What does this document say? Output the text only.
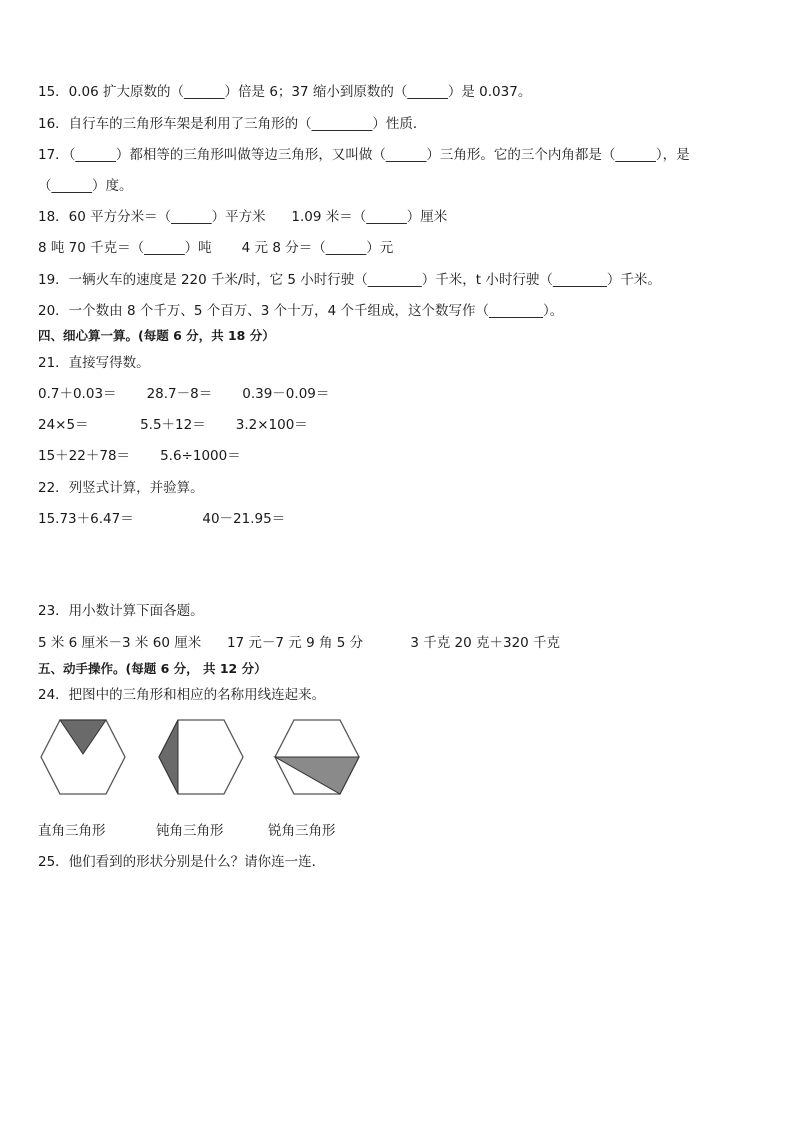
15．0.06 扩大原数的（______）倍是 6；37 缩小到原数的（______）是 0.037。
16．自行车的三角形车架是利用了三角形的（_________）性质．
17．（______）都相等的三角形叫做等边三角形，又叫做（______）三角形。它的三个内角都是（______），是
（______）度。
18．60 平方分米＝（______）平方米      1.09 米＝（______）厘米
8 吨 70 千克＝（______）吨       4 元 8 分＝（______）元
19．一辆火车的速度是 220 千米/时，它 5 小时行驶（________）千米，t 小时行驶（________）千米。
20．一个数由 8 个千万、5 个百万、3 个十万，4 个千组成，这个数写作（________）。
四、细心算一算。(每题 6 分，共 18 分）
21．直接写得数。
0.7＋0.03＝       28.7－8＝       0.39－0.09＝
24×5＝            5.5＋12＝       3.2×100＝
15＋22＋78＝       5.6÷1000＝
22．列竖式计算，并验算。
15.73＋6.47＝                40－21.95＝
23．用小数计算下面各题。
5 米 6 厘米－3 米 60 厘米      17 元－7 元 9 角 5 分           3 千克 20 克＋320 千克
五、动手操作。(每题 6 分， 共 12 分）
24．把图中的三角形和相应的名称用线连起来。
直角三角形	钝角三角形	锐角三角形
25．他们看到的形状分别是什么？请你连一连．
